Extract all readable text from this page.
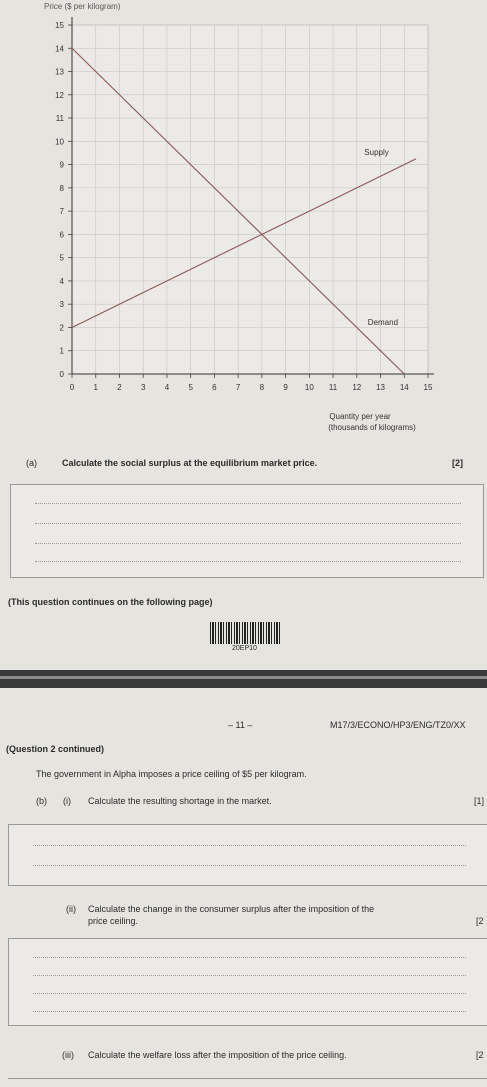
0 1 2 3 4 5 6 7 8 9 10 11 12 13 14 15
0
1
2
3
4
5
6
7
8
9
10
11
12
13
14
15
Supply
Demand
Price ($ per kilogram)
Quantity per year
(thousands of kilograms)
(a)	Calculate the social surplus at the equilibrium market price.	[2]
(This question continues on the following page)
20EP10
– 11 –	M17/3/ECONO/HP3/ENG/TZ0/XX
(Question 2 continued)
The government in Alpha imposes a price ceiling of $5 per kilogram.
(b) (i) Calculate the resulting shortage in the market.	[1]
(ii) Calculate the change in the consumer surplus after the imposition of the
price ceiling.	[2
(iii) Calculate the welfare loss after the imposition of the price ceiling.	[2
